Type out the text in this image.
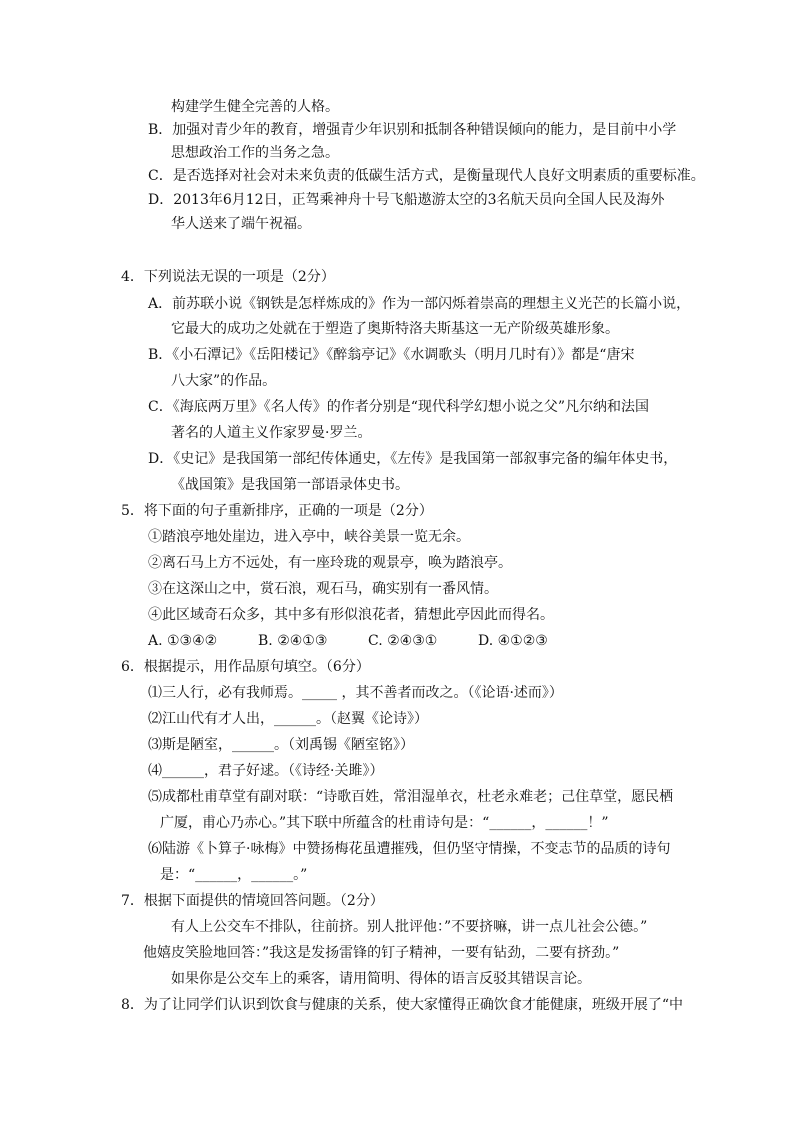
构建学生健全完善的人格。
B．加强对青少年的教育，增强青少年识别和抵制各种错误倾向的能力，是目前中小学
思想政治工作的当务之急。
C．是否选择对社会对未来负责的低碳生活方式，是衡量现代人良好文明素质的重要标准。
D．2013年6月12日，正驾乘神舟十号飞船遨游太空的3名航天员向全国人民及海外
华人送来了端午祝福。
4．下列说法无误的一项是（2分）
A．前苏联小说《钢铁是怎样炼成的》作为一部闪烁着崇高的理想主义光芒的长篇小说，
它最大的成功之处就在于塑造了奥斯特洛夫斯基这一无产阶级英雄形象。
B．《小石潭记》《岳阳楼记》《醉翁亭记》《水调歌头（明月几时有）》都是“唐宋
八大家”的作品。
C．《海底两万里》《名人传》的作者分别是“现代科学幻想小说之父”凡尔纳和法国
著名的人道主义作家罗曼·罗兰。
D．《史记》是我国第一部纪传体通史，《左传》是我国第一部叙事完备的编年体史书，
《战国策》是我国第一部语录体史书。
5．将下面的句子重新排序，正确的一项是（2分）
①踏浪亭地处崖边，进入亭中，峡谷美景一览无余。
②离石马上方不远处，有一座玲珑的观景亭，唤为踏浪亭。
③在这深山之中，赏石浪，观石马，确实别有一番风情。
④此区域奇石众多，其中多有形似浪花者，猜想此亭因此而得名。
A. ①③④②	B. ②④①③	C. ②④③①	D. ④①②③
6．根据提示，用作品原句填空。（6分）
⑴三人行，必有我师焉。_____ ，其不善者而改之。（《论语·述而》）
⑵江山代有才人出，______。（赵翼《论诗》）
⑶斯是陋室，______。（刘禹锡《陋室铭》）
⑷______，君子好逑。（《诗经·关雎》）
⑸成都杜甫草堂有副对联：“诗歌百姓，常泪湿单衣，杜老永难老；己住草堂，愿民栖
广厦，甫心乃赤心。”其下联中所蕴含的杜甫诗句是：“______，______！”
⑹陆游《卜算子·咏梅》中赞扬梅花虽遭摧残，但仍坚守情操，不变志节的品质的诗句
是：“______，______。”
7．根据下面提供的情境回答问题。（2分）
有人上公交车不排队，往前挤。别人批评他：”不要挤嘛，讲一点儿社会公德。”
他嬉皮笑脸地回答：”我这是发扬雷锋的钉子精神，一要有钻劲，二要有挤劲。”
如果你是公交车上的乘客，请用简明、得体的语言反驳其错误言论。
8．为了让同学们认识到饮食与健康的关系，使大家懂得正确饮食才能健康，班级开展了“中
